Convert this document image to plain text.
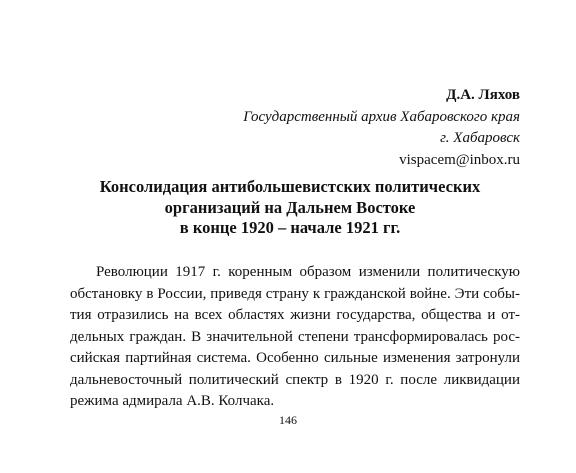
Д.А. Ляхов
Государственный архив Хабаровского края
г. Хабаровск
vispacem@inbox.ru
Консолидация антибольшевистских политических
организаций на Дальнем Востоке
в конце 1920 – начале 1921 гг.
Революции 1917 г. коренным образом изменили политическую
обстановку в России, приведя страну к гражданской войне. Эти собы-
тия отразились на всех областях жизни государства, общества и от-
дельных граждан. В значительной степени трансформировалась рос-
сийская партийная система. Особенно сильные изменения затронули
дальневосточный политический спектр в 1920 г. после ликвидации
режима адмирала А.В. Колчака.
146
